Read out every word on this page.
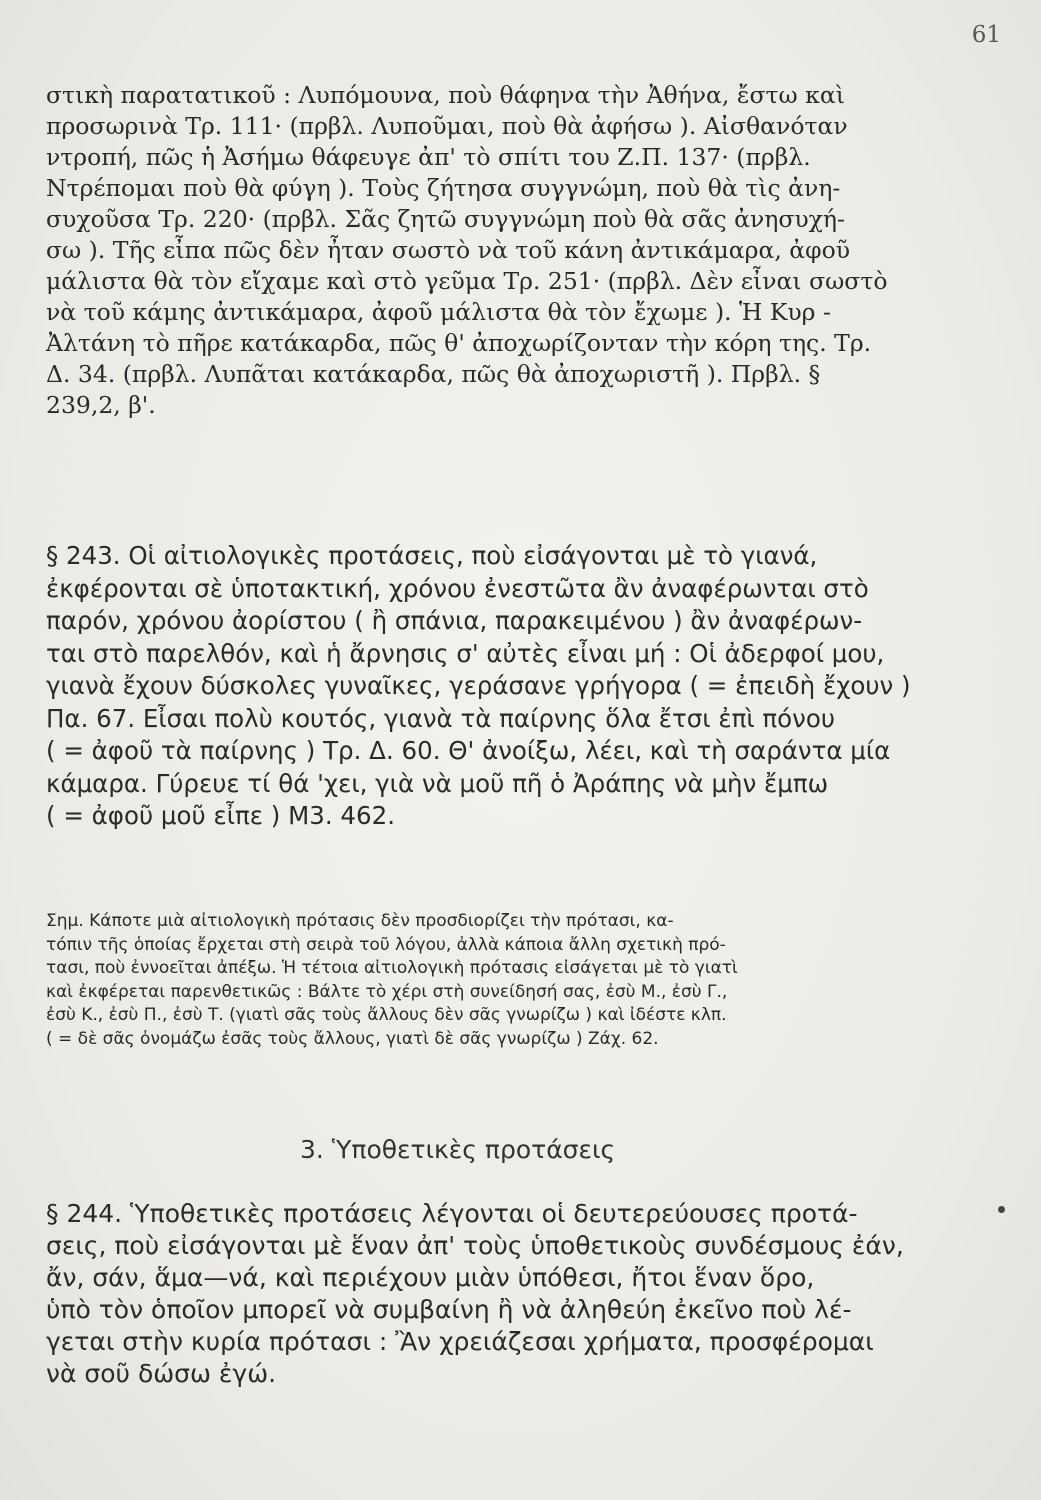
61
στικὴ παρατατικοῦ : Λυπόμουνα, ποὺ θάφηνα τὴν Ἀθήνα, ἔστω καὶ
προσωρινὰ Τρ. 111· (πρβλ. Λυποῦμαι, ποὺ θὰ ἀφήσω ). Αἰσθανόταν
ντροπή, πῶς ἡ Ἀσήμω θάφευγε ἀπ' τὸ σπίτι του Ζ.Π. 137· (πρβλ.
Ντρέπομαι ποὺ θὰ φύγη ). Τοὺς ζήτησα συγγνώμη, ποὺ θὰ τὶς ἀνη-
συχοῦσα Τρ. 220· (πρβλ. Σᾶς ζητῶ συγγνώμη ποὺ θὰ σᾶς ἀνησυχή-
σω ). Τῆς εἶπα πῶς δὲν ἦταν σωστὸ νὰ τοῦ κάνη ἀντικάμαρα, ἀφοῦ
μάλιστα θὰ τὸν εἴχαμε καὶ στὸ γεῦμα Τρ. 251· (πρβλ. Δὲν εἶναι σωστὸ
νὰ τοῦ κάμης ἀντικάμαρα, ἀφοῦ μάλιστα θὰ τὸν ἔχωμε ). Ἡ Κυρ -
Ἀλτάνη τὸ πῆρε κατάκαρδα, πῶς θ' ἀποχωρίζονταν τὴν κόρη της. Τρ.
Δ. 34. (πρβλ. Λυπᾶται κατάκαρδα, πῶς θὰ ἀποχωριστῆ ). Πρβλ. §
239,2, β'.
§ 243. Οἱ αἰτιολογικὲς προτάσεις, ποὺ εἰσάγονται μὲ τὸ γιανά,
ἐκφέρονται σὲ ὑποτακτική, χρόνου ἐνεστῶτα ἂν ἀναφέρωνται στὸ
παρόν, χρόνου ἀορίστου ( ἢ σπάνια, παρακειμένου ) ἂν ἀναφέρων-
ται στὸ παρελθόν, καὶ ἡ ἄρνησις σ' αὐτὲς εἶναι μή : Οἱ ἀδερφοί μου,
γιανὰ ἔχουν δύσκολες γυναῖκες, γεράσανε γρήγορα ( = ἐπειδὴ ἔχουν )
Πα. 67. Εἶσαι πολὺ κουτός, γιανὰ τὰ παίρνης ὅλα ἔτσι ἐπὶ πόνου
( = ἀφοῦ τὰ παίρνης ) Τρ. Δ. 60. Θ' ἀνοίξω, λέει, καὶ τὴ σαράντα μία
κάμαρα. Γύρευε τί θά 'χει, γιὰ νὰ μοῦ πῆ ὁ Ἀράπης νὰ μὴν ἔμπω
( = ἀφοῦ μοῦ εἶπε ) Μ3. 462.
Σημ. Κάποτε μιὰ αἰτιολογικὴ πρότασις δὲν προσδιορίζει τὴν πρότασι, κα-
τόπιν τῆς ὁποίας ἔρχεται στὴ σειρὰ τοῦ λόγου, ἀλλὰ κάποια ἄλλη σχετικὴ πρό-
τασι, ποὺ ἐννοεῖται ἀπέξω. Ἡ τέτοια αἰτιολογικὴ πρότασις εἰσάγεται μὲ τὸ γιατὶ
καὶ ἐκφέρεται παρενθετικῶς : Βάλτε τὸ χέρι στὴ συνείδησή σας, ἐσὺ Μ., ἐσὺ Γ.,
ἐσὺ Κ., ἐσὺ Π., ἐσὺ Τ. (γιατὶ σᾶς τοὺς ἄλλους δὲν σᾶς γνωρίζω ) καὶ ἰδέστε κλπ.
( = δὲ σᾶς ὀνομάζω ἐσᾶς τοὺς ἄλλους, γιατὶ δὲ σᾶς γνωρίζω ) Ζάχ. 62.
3. Ὑποθετικὲς προτάσεις
§ 244. Ὑποθετικὲς προτάσεις λέγονται οἱ δευτερεύουσες προτά-
σεις, ποὺ εἰσάγονται μὲ ἕναν ἀπ' τοὺς ὑποθετικοὺς συνδέσμους ἐάν,
ἄν, σάν, ἅμα—νά, καὶ περιέχουν μιὰν ὑπόθεσι, ἤτοι ἕναν ὅρο,
ὑπὸ τὸν ὁποῖον μπορεῖ νὰ συμβαίνη ἢ νὰ ἀληθεύη ἐκεῖνο ποὺ λέ-
γεται στὴν κυρία πρότασι : Ἂν χρειάζεσαι χρήματα, προσφέρομαι
νὰ σοῦ δώσω ἐγώ.
